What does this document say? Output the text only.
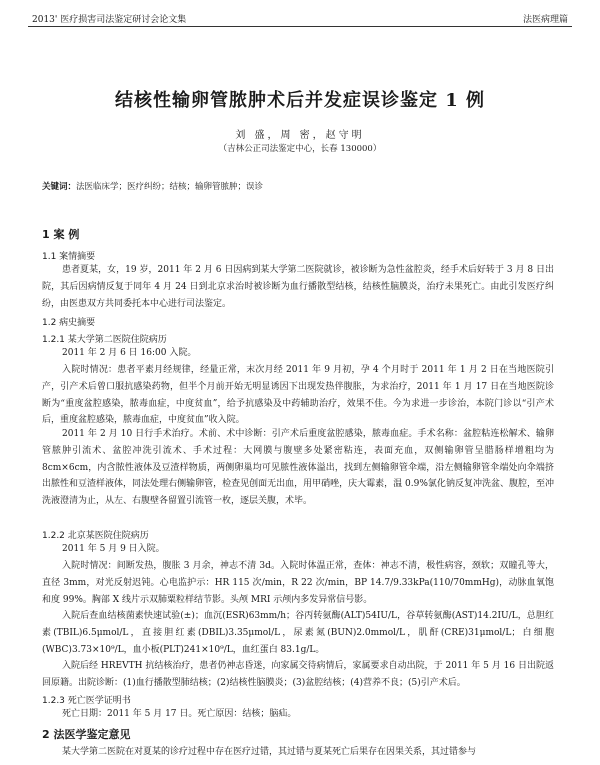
2013' 医疗损害司法鉴定研讨会论文集	法医病理篇
结核性输卵管脓肿术后并发症误诊鉴定 1 例
刘 盛，周 密，赵守明
（吉林公正司法鉴定中心，长春 130000）
关键词：法医临床学；医疗纠纷；结核；输卵管脓肿；误诊
1 案 例
1.1 案情摘要

患者夏某，女，19 岁，2011 年 2 月 6 日因病到某大学第二医院就诊，被诊断为急性盆腔炎，经手术后好转于 3 月 8 日出院，其后因病情反复于同年 4 月 24 日到北京求治时被诊断为血行播散型结核，结核性脑膜炎，治疗未果死亡。由此引发医疗纠纷，由医患双方共同委托本中心进行司法鉴定。

1.2 病史摘要
1.2.1 某大学第二医院住院病历
2011 年 2 月 6 日 16:00 入院。

入院时情况：患者平素月经规律，经量正常，末次月经 2011 年 9 月初，孕 4 个月时于 2011 年 1 月 2 日在当地医院引产，引产术后曾口服抗感染药物，但半个月前开始无明显诱因下出现发热伴腹胀，为求治疗，2011 年 1 月 17 日在当地医院诊断为“重度盆腔感染，脓毒血症，中度贫血”，给予抗感染及中药辅助治疗，效果不佳。今为求进一步诊治，本院门诊以“引产术后，重度盆腔感染，脓毒血症，中度贫血”收入院。

2011 年 2 月 10 日行手术治疗。术前、术中诊断：引产术后重度盆腔感染，脓毒血症。手术名称：盆腔粘连松解术、输卵管脓肿引流术、盆腔冲洗引流术、手术过程：大网膜与腹壁多处紧密粘连，表面充血，双侧输卵管呈腊肠样增粗均为 8cm×6cm，内含脓性液体及豆渣样物质，两侧卵巢均可见脓性液体溢出，找到左侧输卵管伞端，沿左侧输卵管伞端处向伞端挤出脓性和豆渣样液体，同法处理右侧输卵管，检查见创面无出血，用甲硝唑，庆大霉素，温 0.9%氯化钠反复冲洗盆、腹腔，至冲洗液澄清为止，从左、右腹壁各留置引流管一枚，逐层关腹，术毕。

1.2.2 北京某医院住院病历
2011 年 5 月 9 日入院。

入院时情况：间断发热，腹胀 3 月余，神志不清 3d。入院时体温正常，查体：神志不清，极性病容，颈软；双瞳孔等大，直径 3mm，对光反射迟钝。心电监护示：HR 115 次/min，R 22 次/min，BP 14.7/9.33kPa(110/70mmHg)，动脉血氧饱和度 99%。胸部 X 线片示双肺粟粒样结节影。头颅 MRI 示颅内多发异常信号影。

入院后查血结核菌素快速试验(±)；血沉(ESR)63mm/h；谷丙转氨酶(ALT)54IU/L，谷草转氨酶(AST)14.2IU/L，总胆红素(TBIL)6.5μmol/L，直接胆红素(DBIL)3.35μmol/L，尿素氮(BUN)2.0mmol/L，肌酐(CRE)31μmol/L；白细胞(WBC)3.73×10⁹/L，血小板(PLT)241×10⁹/L，血红蛋白 83.1g/L。

入院后经 HREVTH 抗结核治疗，患者仍神志昏迷，向家属交待病情后，家属要求自动出院，于 2011 年 5 月 16 日出院返回原籍。出院诊断：(1)血行播散型肺结核；(2)结核性脑膜炎；(3)盆腔结核；(4)营养不良；(5)引产术后。

1.2.3 死亡医学证明书
死亡日期：2011 年 5 月 17 日。死亡原因：结核；脑疝。
2 法医学鉴定意见
某大学第二医院在对夏某的诊疗过程中存在医疗过错，其过错与夏某死亡后果存在因果关系，其过错参与
